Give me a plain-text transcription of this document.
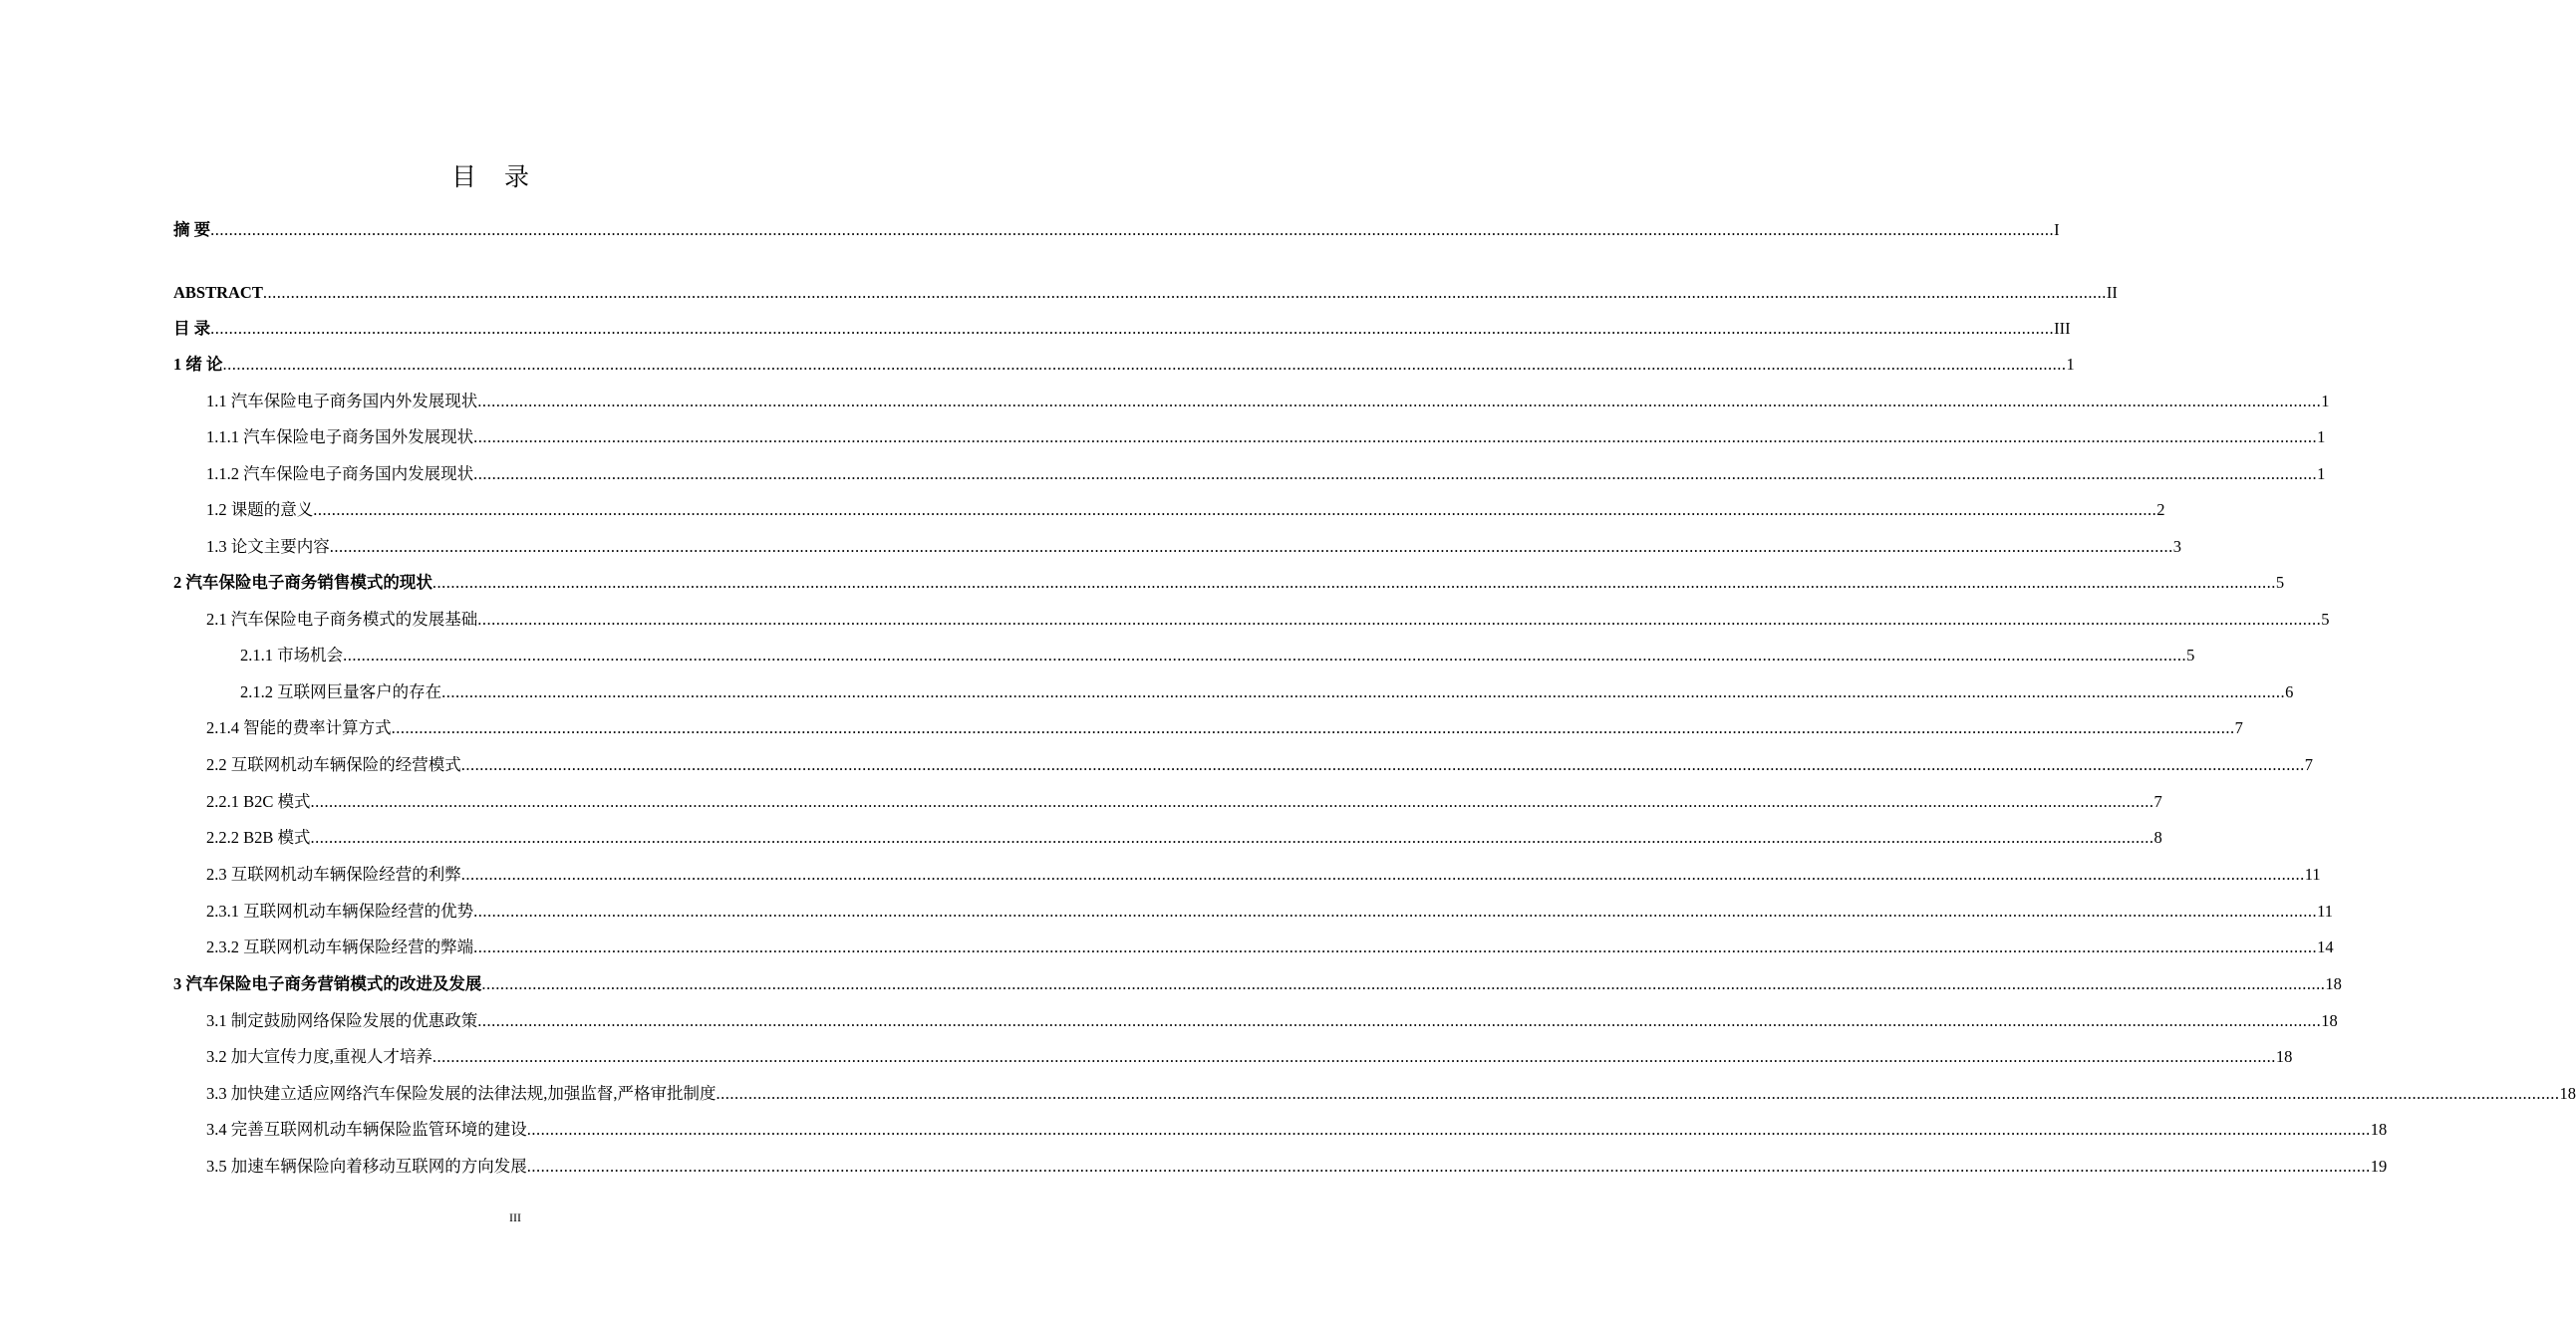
目 录
摘 要 ................................................................................................................................................................................................................................................................................................................................................................................................................ I
ABSTRACT ................................................................................................................................................................................................................................................................................................................................................................................................................ II
目 录 ................................................................................................................................................................................................................................................................................................................................................................................................................ III
1 绪 论 ................................................................................................................................................................................................................................................................................................................................................................................................................ 1
1.1 汽车保险电子商务国内外发展现状 ................................................................................................................................................................................................................................................................................................................................................................................................................ 1
1.1.1 汽车保险电子商务国外发展现状 ................................................................................................................................................................................................................................................................................................................................................................................................................ 1
1.1.2 汽车保险电子商务国内发展现状 ................................................................................................................................................................................................................................................................................................................................................................................................................ 1
1.2 课题的意义 ................................................................................................................................................................................................................................................................................................................................................................................................................ 2
1.3 论文主要内容 ................................................................................................................................................................................................................................................................................................................................................................................................................ 3
2 汽车保险电子商务销售模式的现状 ................................................................................................................................................................................................................................................................................................................................................................................................................ 5
2.1 汽车保险电子商务模式的发展基础 ................................................................................................................................................................................................................................................................................................................................................................................................................ 5
2.1.1 市场机会 ................................................................................................................................................................................................................................................................................................................................................................................................................ 5
2.1.2 互联网巨量客户的存在 ................................................................................................................................................................................................................................................................................................................................................................................................................ 6
2.1.4 智能的费率计算方式 ................................................................................................................................................................................................................................................................................................................................................................................................................ 7
2.2 互联网机动车辆保险的经营模式 ................................................................................................................................................................................................................................................................................................................................................................................................................ 7
2.2.1 B2C 模式 ................................................................................................................................................................................................................................................................................................................................................................................................................ 7
2.2.2 B2B 模式 ................................................................................................................................................................................................................................................................................................................................................................................................................ 8
2.3 互联网机动车辆保险经营的利弊 ................................................................................................................................................................................................................................................................................................................................................................................................................ 11
2.3.1 互联网机动车辆保险经营的优势 ................................................................................................................................................................................................................................................................................................................................................................................................................ 11
2.3.2 互联网机动车辆保险经营的弊端 ................................................................................................................................................................................................................................................................................................................................................................................................................ 14
3 汽车保险电子商务营销模式的改进及发展 ................................................................................................................................................................................................................................................................................................................................................................................................................ 18
3.1 制定鼓励网络保险发展的优惠政策 ................................................................................................................................................................................................................................................................................................................................................................................................................ 18
3.2 加大宣传力度,重视人才培养 ................................................................................................................................................................................................................................................................................................................................................................................................................ 18
3.3 加快建立适应网络汽车保险发展的法律法规,加强监督,严格审批制度 ................................................................................................................................................................................................................................................................................................................................................................................................................ 18
3.4 完善互联网机动车辆保险监管环境的建设 ................................................................................................................................................................................................................................................................................................................................................................................................................ 18
3.5 加速车辆保险向着移动互联网的方向发展 ................................................................................................................................................................................................................................................................................................................................................................................................................ 19
III
